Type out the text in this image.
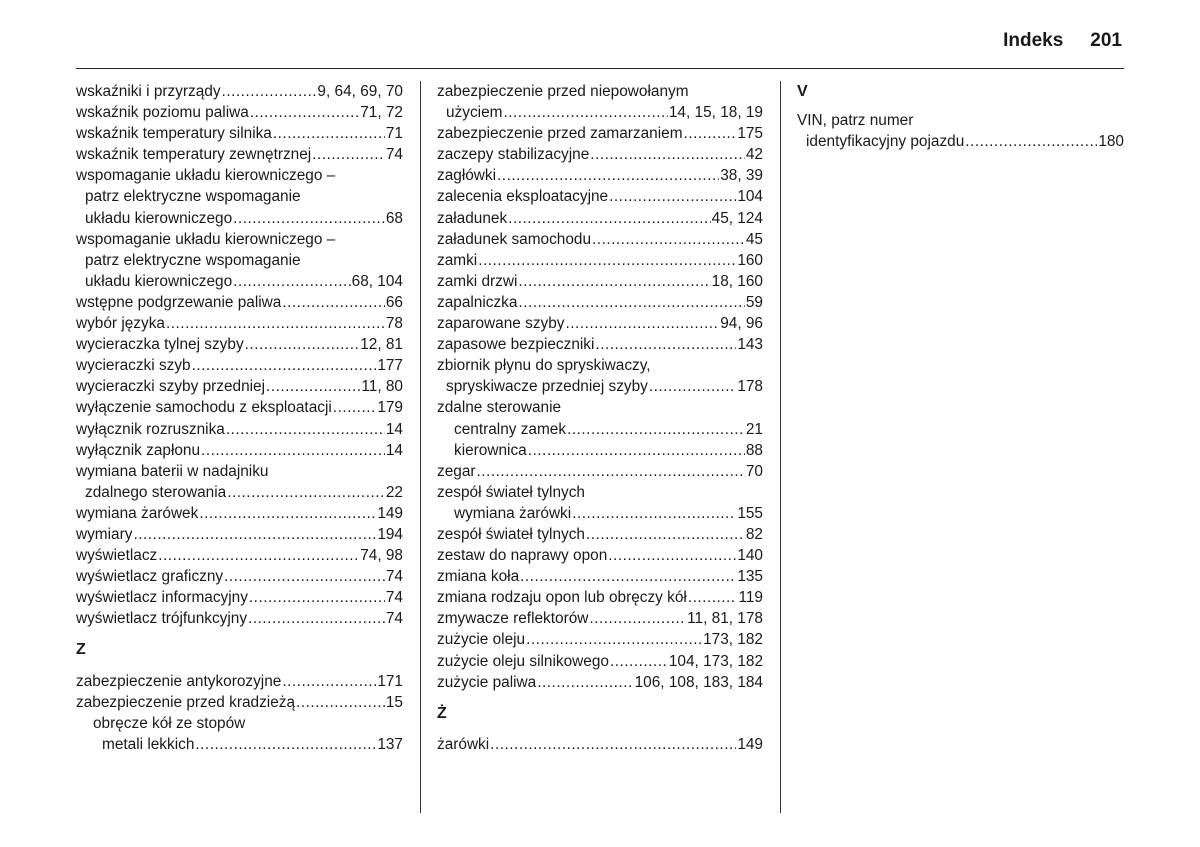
Indeks 201
wskaźniki i przyrządy .....	9, 64, 69, 70
wskaźnik poziomu paliwa .....	71, 72
wskaźnik temperatury silnika .....	71
wskaźnik temperatury zewnętrznej .....	74
wspomaganie układu kierowniczego –
patrz elektryczne wspomaganie
układu kierowniczego .....	68
wspomaganie układu kierowniczego –
patrz elektryczne wspomaganie
układu kierowniczego .....	68, 104
wstępne podgrzewanie paliwa .....	66
wybór języka .....	78
wycieraczka tylnej szyby .....	12, 81
wycieraczki szyb .....	177
wycieraczki szyby przedniej .....	11, 80
wyłączenie samochodu z eksploatacji .....	179
wyłącznik rozrusznika .....	14
wyłącznik zapłonu .....	14
wymiana baterii w nadajniku
zdalnego sterowania .....	22
wymiana żarówek .....	149
wymiary .....	194
wyświetlacz .....	74, 98
wyświetlacz graficzny .....	74
wyświetlacz informacyjny .....	74
wyświetlacz trójfunkcyjny .....	74
Z
zabezpieczenie antykorozyjne .....	171
zabezpieczenie przed kradzieżą .....	15
obręcze kół ze stopów
metali lekkich .....	137
zabezpieczenie przed niepowołanym
użyciem .....	14, 15, 18, 19
zabezpieczenie przed zamarzaniem .....	175
zaczepy stabilizacyjne .....	42
zagłówki .....	38, 39
zalecenia eksploatacyjne .....	104
załadunek .....	45, 124
załadunek samochodu .....	45
zamki .....	160
zamki drzwi .....	18, 160
zapalniczka .....	59
zaparowane szyby .....	94, 96
zapasowe bezpieczniki .....	143
zbiornik płynu do spryskiwaczy,
spryskiwacze przedniej szyby .....	178
zdalne sterowanie
centralny zamek .....	21
kierownica .....	88
zegar .....	70
zespół świateł tylnych
wymiana żarówki .....	155
zespół świateł tylnych .....	82
zestaw do naprawy opon .....	140
zmiana koła .....	135
zmiana rodzaju opon lub obręczy kół .....	119
zmywacze reflektorów .....	11, 81, 178
zużycie oleju .....	173, 182
zużycie oleju silnikowego .....	104, 173, 182
zużycie paliwa .....	106, 108, 183, 184
Ż
żarówki .....	149
V
VIN, patrz numer
identyfikacyjny pojazdu .....	180
